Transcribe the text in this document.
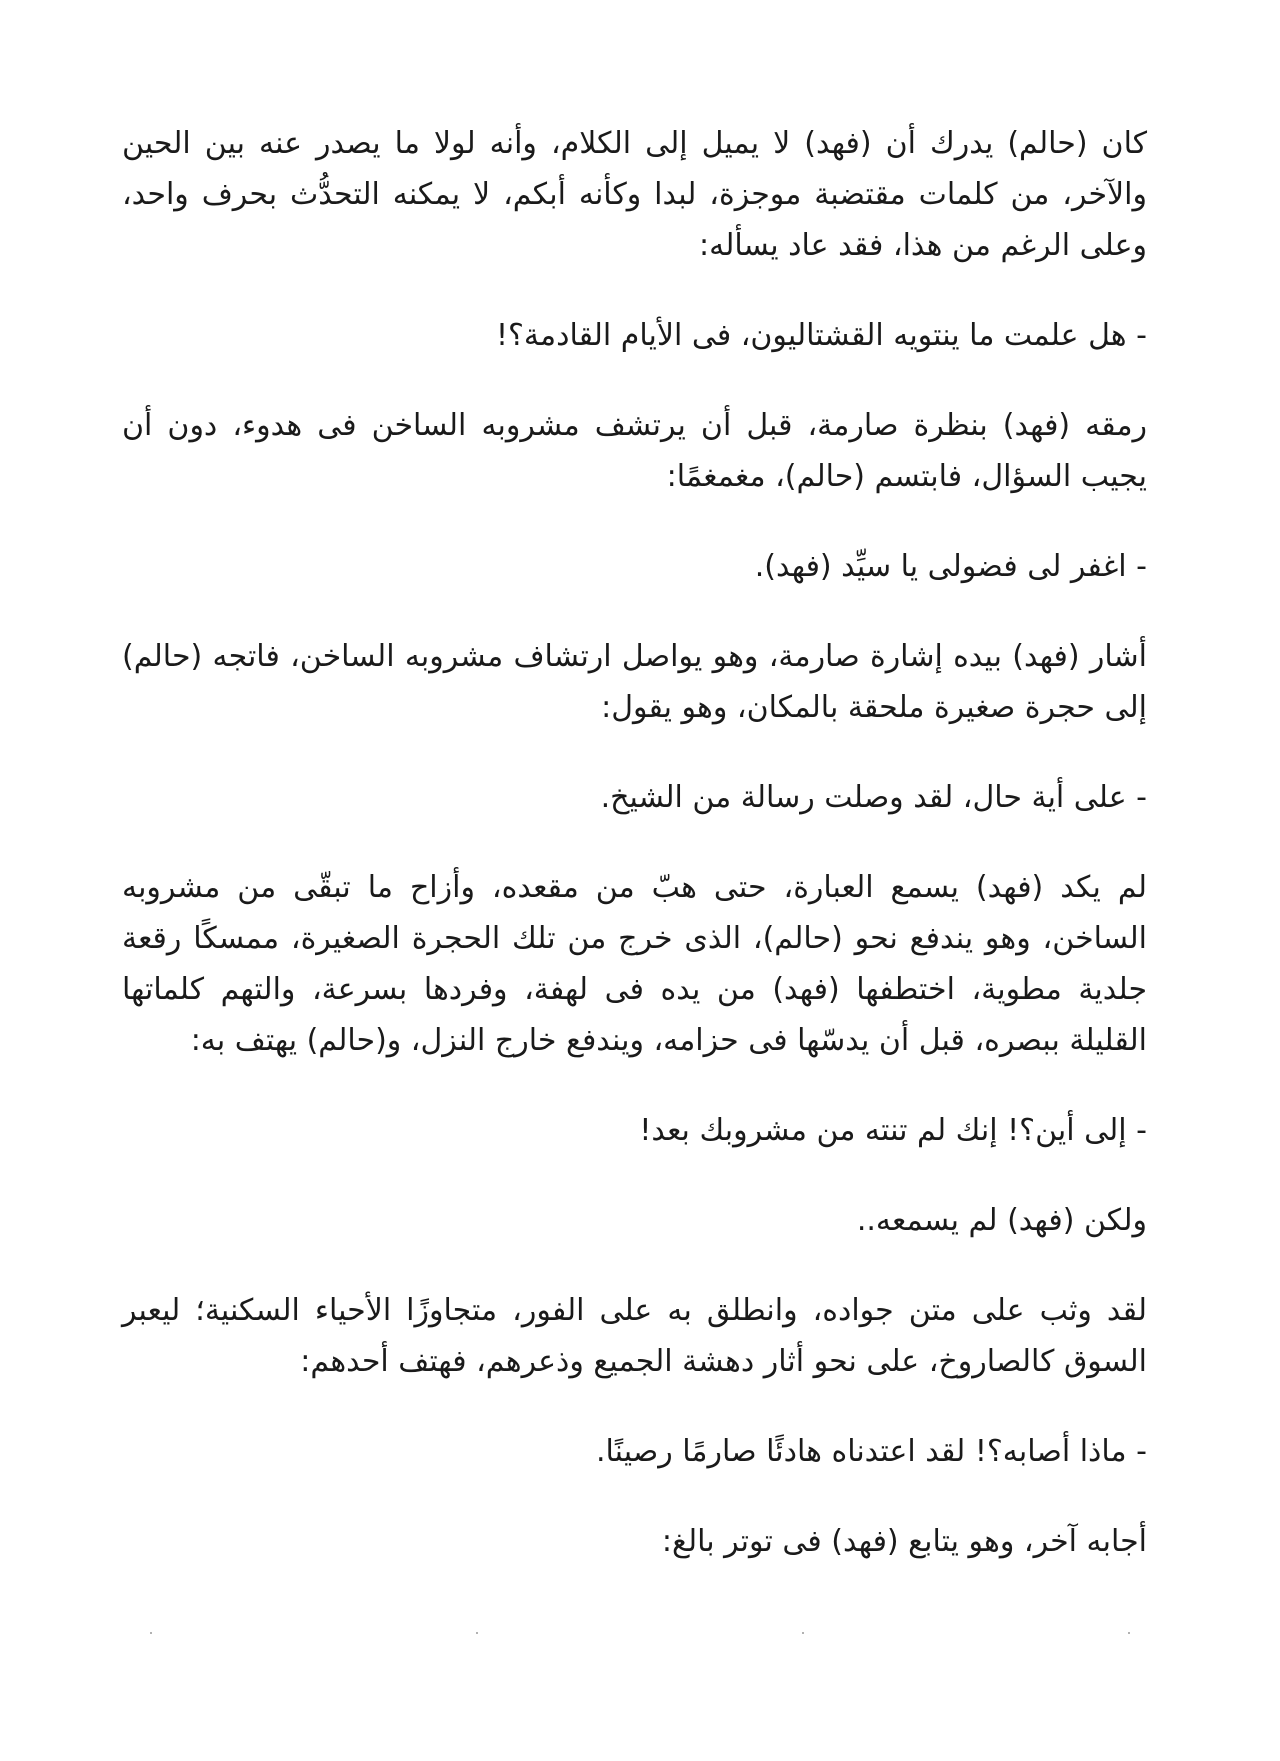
كان (حالم) يدرك أن (فهد) لا يميل إلى الكلام، وأنه لولا ما يصدر عنه بين الحين والآخر، من كلمات مقتضبة موجزة، لبدا وكأنه أبكم، لا يمكنه التحدُّث بحرف واحد، وعلى الرغم من هذا، فقد عاد يسأله:

- هل علمت ما ينتويه القشتاليون، فى الأيام القادمة؟!

رمقه (فهد) بنظرة صارمة، قبل أن يرتشف مشروبه الساخن فى هدوء، دون أن يجيب السؤال، فابتسم (حالم)، مغمغمًا:

- اغفر لى فضولى يا سيِّد (فهد).

أشار (فهد) بيده إشارة صارمة، وهو يواصل ارتشاف مشروبه الساخن، فاتجه (حالم) إلى حجرة صغيرة ملحقة بالمكان، وهو يقول:

- على أية حال، لقد وصلت رسالة من الشيخ.

لم يكد (فهد) يسمع العبارة، حتى هبّ من مقعده، وأزاح ما تبقّى من مشروبه الساخن، وهو يندفع نحو (حالم)، الذى خرج من تلك الحجرة الصغيرة، ممسكًا رقعة جلدية مطوية، اختطفها (فهد) من يده فى لهفة، وفردها بسرعة، والتهم كلماتها القليلة ببصره، قبل أن يدسّها فى حزامه، ويندفع خارج النزل، و(حالم) يهتف به:

- إلى أين؟! إنك لم تنته من مشروبك بعد!

ولكن (فهد) لم يسمعه..

لقد وثب على متن جواده، وانطلق به على الفور، متجاوزًا الأحياء السكنية؛ ليعبر السوق كالصاروخ، على نحو أثار دهشة الجميع وذعرهم، فهتف أحدهم:

- ماذا أصابه؟! لقد اعتدناه هادئًا صارمًا رصينًا.

أجابه آخر، وهو يتابع (فهد) فى توتر بالغ:
